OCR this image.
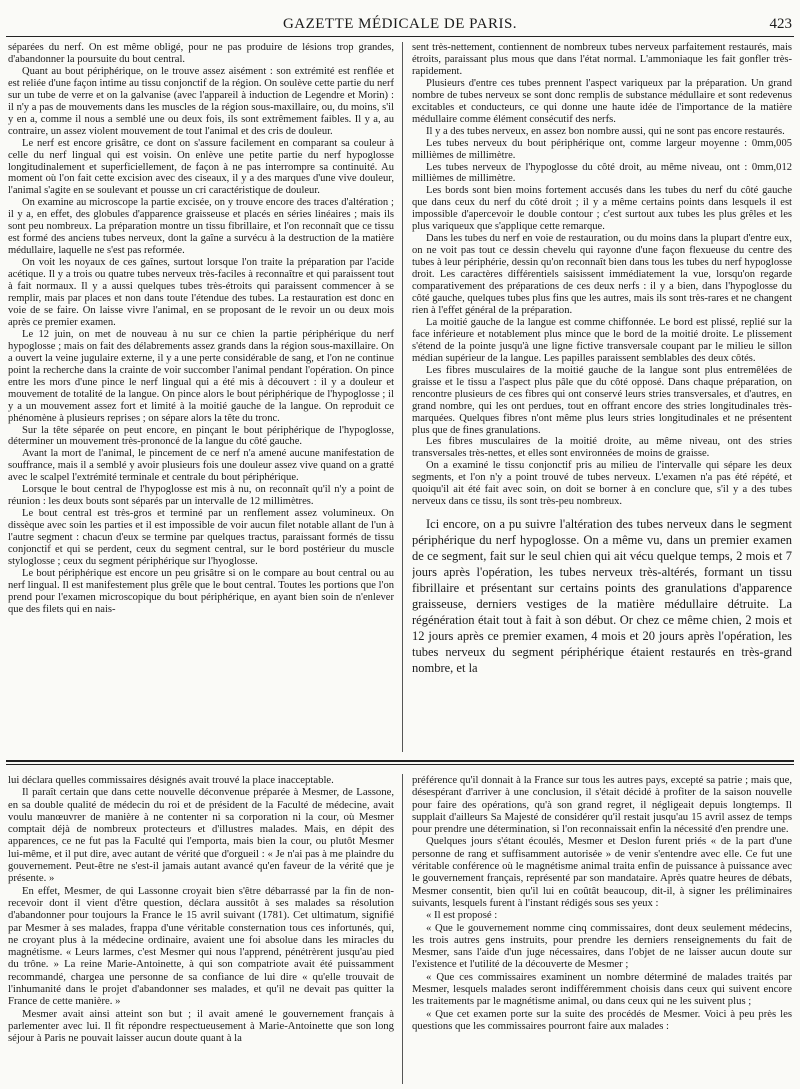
GAZETTE MÉDICALE DE PARIS.	423

séparées du nerf. On est même obligé, pour ne pas produire de lésions trop grandes, d'abandonner la poursuite du bout central.

Quant au bout périphérique, on le trouve assez aisément : son extrémité est renflée et est reliée d'une façon intime au tissu conjonctif de la région. On soulève cette partie du nerf sur un tube de verre et on la galvanise (avec l'appareil à induction de Legendre et Morin) : il n'y a pas de mouvements dans les muscles de la région sous-maxillaire, ou, du moins, s'il y en a, comme il nous a semblé une ou deux fois, ils sont extrêmement faibles. Il y a, au contraire, un assez violent mouvement de tout l'animal et des cris de douleur.

Le nerf est encore grisâtre, ce dont on s'assure facilement en comparant sa couleur à celle du nerf lingual qui est voisin. On enlève une petite partie du nerf hypoglosse longitudinalement et superficiellement, de façon à ne pas interrompre sa continuité. Au moment où l'on fait cette excision avec des ciseaux, il y a des marques d'une vive douleur, l'animal s'agite en se soulevant et pousse un cri caractéristique de douleur.

On examine au microscope la partie excisée, on y trouve encore des traces d'altération ; il y a, en effet, des globules d'apparence graisseuse et placés en séries linéaires ; mais ils sont peu nombreux. La préparation montre un tissu fibrillaire, et l'on reconnaît que ce tissu est formé des anciens tubes nerveux, dont la gaîne a survécu à la destruction de la matière médullaire, laquelle ne s'est pas reformée.

On voit les noyaux de ces gaînes, surtout lorsque l'on traite la préparation par l'acide acétique. Il y a trois ou quatre tubes nerveux très-faciles à reconnaître et qui paraissent tout à fait normaux. Il y a aussi quelques tubes très-étroits qui paraissent commencer à se remplir, mais par places et non dans toute l'étendue des tubes. La restauration est donc en voie de se faire. On laisse vivre l'animal, en se proposant de le revoir un ou deux mois après ce premier examen.

Le 12 juin, on met de nouveau à nu sur ce chien la partie périphérique du nerf hypoglosse ; mais on fait des délabrements assez grands dans la région sous-maxillaire. On a ouvert la veine jugulaire externe, il y a une perte considérable de sang, et l'on ne continue point la recherche dans la crainte de voir succomber l'animal pendant l'opération. On pince entre les mors d'une pince le nerf lingual qui a été mis à découvert : il y a douleur et mouvement de totalité de la langue. On pince alors le bout périphérique de l'hypoglosse ; il y a un mouvement assez fort et limité à la moitié gauche de la langue. On reproduit ce phénomène à plusieurs reprises ; on sépare alors la tête du tronc.

Sur la tête séparée on peut encore, en pinçant le bout périphérique de l'hypoglosse, déterminer un mouvement très-prononcé de la langue du côté gauche.

Avant la mort de l'animal, le pincement de ce nerf n'a amené aucune manifestation de souffrance, mais il a semblé y avoir plusieurs fois une douleur assez vive quand on a gratté avec le scalpel l'extrémité terminale et centrale du bout périphérique.

Lorsque le bout central de l'hypoglosse est mis à nu, on reconnaît qu'il n'y a point de réunion : les deux bouts sont séparés par un intervalle de 12 millimètres.

Le bout central est très-gros et terminé par un renflement assez volumineux. On dissèque avec soin les parties et il est impossible de voir aucun filet notable allant de l'un à l'autre segment : chacun d'eux se termine par quelques tractus, paraissant formés de tissu conjonctif et qui se perdent, ceux du segment central, sur le bord postérieur du muscle styloglosse ; ceux du segment périphérique sur l'hyoglosse.

Le bout périphérique est encore un peu grisâtre si on le compare au bout central ou au nerf lingual. Il est manifestement plus grêle que le bout central. Toutes les portions que l'on prend pour l'examen microscopique du bout périphérique, en ayant bien soin de n'enlever que des filets qui en nais-

sent très-nettement, contiennent de nombreux tubes nerveux parfaitement restaurés, mais étroits, paraissant plus mous que dans l'état normal. L'ammoniaque les fait gonfler très-rapidement.

Plusieurs d'entre ces tubes prennent l'aspect variqueux par la préparation. Un grand nombre de tubes nerveux se sont donc remplis de substance médullaire et sont redevenus excitables et conducteurs, ce qui donne une haute idée de l'importance de la matière médullaire comme élément consécutif des nerfs.

Il y a des tubes nerveux, en assez bon nombre aussi, qui ne sont pas encore restaurés.

Les tubes nerveux du bout périphérique ont, comme largeur moyenne : 0mm,005 millièmes de millimètre.

Les tubes nerveux de l'hypoglosse du côté droit, au même niveau, ont : 0mm,012 millièmes de millimètre.

Les bords sont bien moins fortement accusés dans les tubes du nerf du côté gauche que dans ceux du nerf du côté droit ; il y a même certains points dans lesquels il est impossible d'apercevoir le double contour ; c'est surtout aux tubes les plus grêles et les plus variqueux que s'applique cette remarque.

Dans les tubes du nerf en voie de restauration, ou du moins dans la plupart d'entre eux, on ne voit pas tout ce dessin chevelu qui rayonne d'une façon flexueuse du centre des tubes à leur périphérie, dessin qu'on reconnaît bien dans tous les tubes du nerf hypoglosse droit. Les caractères différentiels saisissent immédiatement la vue, lorsqu'on regarde comparativement des préparations de ces deux nerfs : il y a bien, dans l'hypoglosse du côté gauche, quelques tubes plus fins que les autres, mais ils sont très-rares et ne changent rien à l'effet général de la préparation.

La moitié gauche de la langue est comme chiffonnée. Le bord est plissé, replié sur la face inférieure et notablement plus mince que le bord de la moitié droite. Le plissement s'étend de la pointe jusqu'à une ligne fictive transversale coupant par le milieu le sillon médian supérieur de la langue. Les papilles paraissent semblables des deux côtés.

Les fibres musculaires de la moitié gauche de la langue sont plus entremêlées de graisse et le tissu a l'aspect plus pâle que du côté opposé. Dans chaque préparation, on rencontre plusieurs de ces fibres qui ont conservé leurs stries transversales, et d'autres, en grand nombre, qui les ont perdues, tout en offrant encore des stries longitudinales très-marquées. Quelques fibres n'ont même plus leurs stries longitudinales et ne présentent plus que de fines granulations.

Les fibres musculaires de la moitié droite, au même niveau, ont des stries transversales très-nettes, et elles sont environnées de moins de graisse.

On a examiné le tissu conjonctif pris au milieu de l'intervalle qui sépare les deux segments, et l'on n'y a point trouvé de tubes nerveux. L'examen n'a pas été répété, et quoiqu'il ait été fait avec soin, on doit se borner à en conclure que, s'il y a des tubes nerveux dans ce tissu, ils sont très-peu nombreux.

Ici encore, on a pu suivre l'altération des tubes nerveux dans le segment périphérique du nerf hypoglosse. On a même vu, dans un premier examen de ce segment, fait sur le seul chien qui ait vécu quelque temps, 2 mois et 7 jours après l'opération, les tubes nerveux très-altérés, formant un tissu fibrillaire et présentant sur certains points des granulations d'apparence graisseuse, derniers vestiges de la matière médullaire détruite. La régénération était tout à fait à son début. Or chez ce même chien, 2 mois et 12 jours après ce premier examen, 4 mois et 20 jours après l'opération, les tubes nerveux du segment périphérique étaient restaurés en très-grand nombre, et la

lui déclara quelles commissaires désignés avait trouvé la place inacceptable.

Il paraît certain que dans cette nouvelle déconvenue préparée à Mesmer, de Lassone, en sa double qualité de médecin du roi et de président de la Faculté de médecine, avait voulu manœuvrer de manière à ne contenter ni sa corporation ni la cour, où Mesmer comptait déjà de nombreux protecteurs et d'illustres malades. Mais, en dépit des apparences, ce ne fut pas la Faculté qui l'emporta, mais bien la cour, ou plutôt Mesmer lui-même, et il put dire, avec autant de vérité que d'orgueil : « Je n'ai pas à me plaindre du gouvernement. Peut-être ne s'est-il jamais autant avancé qu'en faveur de la vérité que je présente. »

En effet, Mesmer, de qui Lassonne croyait bien s'être débarrassé par la fin de non-recevoir dont il vient d'être question, déclara aussitôt à ses malades sa résolution d'abandonner pour toujours la France le 15 avril suivant (1781). Cet ultimatum, signifié par Mesmer à ses malades, frappa d'une véritable consternation tous ces infortunés, qui, ne croyant plus à la médecine ordinaire, avaient une foi absolue dans les miracles du magnétisme. « Leurs larmes, c'est Mesmer qui nous l'apprend, pénétrèrent jusqu'au pied du trône. » La reine Marie-Antoinette, à qui son compatriote avait été puissamment recommandé, chargea une personne de sa confiance de lui dire « qu'elle trouvait de l'inhumanité dans le projet d'abandonner ses malades, et qu'il ne devait pas quitter la France de cette manière. »

Mesmer avait ainsi atteint son but ; il avait amené le gouvernement français à parlementer avec lui. Il fit répondre respectueusement à Marie-Antoinette que son long séjour à Paris ne pouvait laisser aucun doute quant à la

préférence qu'il donnait à la France sur tous les autres pays, excepté sa patrie ; mais que, désespérant d'arriver à une conclusion, il s'était décidé à profiter de la saison nouvelle pour faire des opérations, qu'à son grand regret, il négligeait depuis longtemps. Il supplait d'ailleurs Sa Majesté de considérer qu'il restait jusqu'au 15 avril assez de temps pour prendre une détermination, si l'on reconnaissait enfin la nécessité d'en prendre une.

Quelques jours s'étant écoulés, Mesmer et Deslon furent priés « de la part d'une personne de rang et suffisamment autorisée » de venir s'entendre avec elle. Ce fut une véritable conférence où le magnétisme animal traita enfin de puissance à puissance avec le gouvernement français, représenté par son mandataire. Après quatre heures de débats, Mesmer consentit, bien qu'il lui en coûtât beaucoup, dit-il, à signer les préliminaires suivants, lesquels furent à l'instant rédigés sous ses yeux :

« Il est proposé :

« Que le gouvernement nomme cinq commissaires, dont deux seulement médecins, les trois autres gens instruits, pour prendre les derniers renseignements du fait de Mesmer, sans l'aide d'un juge nécessaires, dans l'objet de ne laisser aucun doute sur l'existence et l'utilité de la découverte de Mesmer ;

« Que ces commissaires examinent un nombre déterminé de malades traités par Mesmer, lesquels malades seront indifféremment choisis dans ceux qui suivent encore les traitements par le magnétisme animal, ou dans ceux qui ne les suivent plus ;

« Que cet examen porte sur la suite des procédés de Mesmer. Voici à peu près les questions que les commissaires pourront faire aux malades :
